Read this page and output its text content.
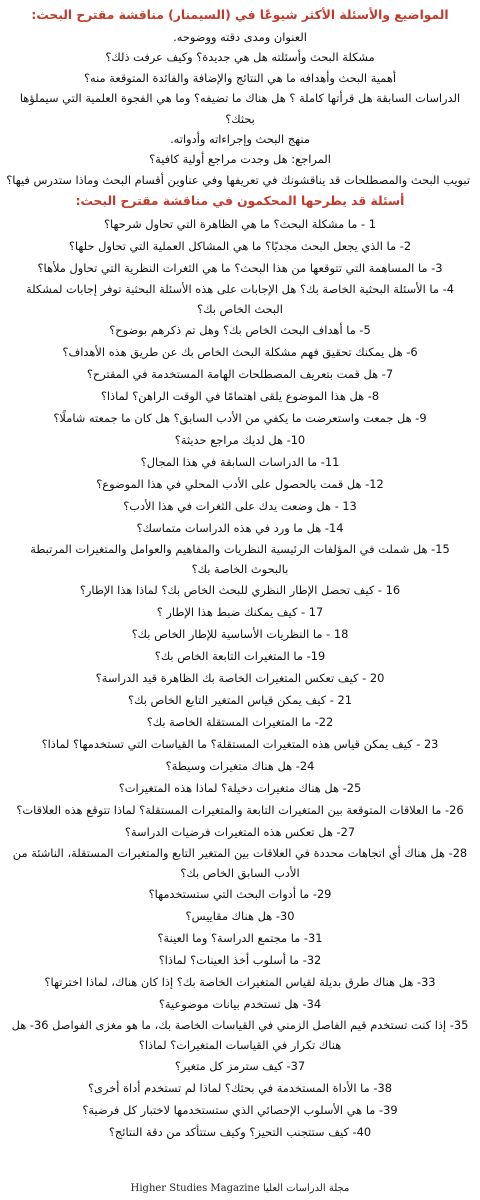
المواضيع والأسئلة الأكثر شيوعًا في (السيمنار) مناقشة مقترح البحث:

العنوان ومدى دقته ووضوحه.

مشكلة البحث وأسئلته هل هي جديدة؟ وكيف عرفت ذلك؟

أهمية البحث وأهدافه ما هي النتائج والإضافة والفائدة المتوقعة منه؟

الدراسات السابقة هل قرأتها كاملة ؟ هل هناك ما تضيفه؟ وما هي الفجوة العلمية التي سيملؤها بحثك؟

منهج البحث وإجراءاته وأدواته.

المراجع: هل وجدت مراجع أولية كافية؟

تبويب البحث والمصطلحات قد يناقشونك في تعريفها وفي عناوين أقسام البحث وماذا ستدرس فيها؟

أسئلة قد يطرحها المحكمون في مناقشة مقترح البحث:

1 - ما مشكلة البحث؟ ما هي الظاهرة التي تحاول شرحها؟

2- ما الذي يجعل البحث مجديًا؟ ما هي المشاكل العملية التي تحاول حلها؟

3- ما المساهمة التي تتوقعها من هذا البحث؟ ما هي الثغرات النظرية التي تحاول ملأها؟

4- ما الأسئلة البحثية الخاصة بك؟ هل الإجابات على هذه الأسئلة البحثية توفر إجابات لمشكلة البحث الخاص بك؟

5- ما أهداف البحث الخاص بك؟ وهل تم ذكرهم بوضوح؟

6- هل يمكنك تحقيق فهم مشكلة البحث الخاص بك عن طريق هذه الأهداف؟

7- هل قمت بتعريف المصطلحات الهامة المستخدمة في المقترح؟

8- هل هذا الموضوع يلقى اهتمامًا في الوقت الراهن؟ لماذا؟

9- هل جمعت واستعرضت ما يكفي من الأدب السابق؟ هل كان ما جمعته شاملًا؟

10- هل لديك مراجع حديثة؟

11- ما الدراسات السابقة في هذا المجال؟

12- هل قمت بالحصول على الأدب المحلي في هذا الموضوع؟

13 - هل وضعت يدك على الثغرات في هذا الأدب؟

14- هل ما ورد في هذه الدراسات متماسك؟

15- هل شملت في المؤلفات الرئيسية النظريات والمفاهيم والعوامل والمتغيرات المرتبطة بالبحوث الخاصة بك؟

16 - كيف تحصل الإطار النظري للبحث الخاص بك؟ لماذا هذا الإطار؟

17 - كيف يمكنك ضبط هذا الإطار ؟

18 - ما النظريات الأساسية للإطار الخاص بك؟

19- ما المتغيرات التابعة الخاص بك؟

20 - كيف تعكس المتغيرات الخاصة بك الظاهرة قيد الدراسة؟

21 - كيف يمكن قياس المتغير التابع الخاص بك؟

22- ما المتغيرات المستقلة الخاصة بك؟

23 - كيف يمكن قياس هذه المتغيرات المستقلة؟ ما القياسات التي تستخدمها؟ لماذا؟

24- هل هناك متغيرات وسيطة؟

25- هل هناك متغيرات دخيلة؟ لماذا هذه المتغيرات؟

26- ما العلاقات المتوقعة بين المتغيرات التابعة والمتغيرات المستقلة؟ لماذا تتوقع هذه العلاقات؟

27- هل تعكس هذه المتغيرات فرضيات الدراسة؟

28- هل هناك أي اتجاهات محددة في العلاقات بين المتغير التابع والمتغيرات المستقلة، الناشئة من الأدب السابق الخاص بك؟

29- ما أدوات البحث التي ستستخدمها؟

30- هل هناك مقاييس؟

31- ما مجتمع الدراسة؟ وما العينة؟

32- ما أسلوب أخذ العينات؟ لماذا؟

33- هل هناك طرق بديلة لقياس المتغيرات الخاصة بك؟ إذا كان هناك، لماذا اخترتها؟

34- هل تستخدم بيانات موضوعية؟

35- إذا كنت تستخدم قيم الفاصل الزمني في القياسات الخاصة بك، ما هو مغزى الفواصل 36- هل هناك تكرار في القياسات المتغيرات؟ لماذا؟

37- كيف سترمز كل متغير؟

38- ما الأداة المستخدمة في بحثك؟ لماذا لم تستخدم أداة أخرى؟

39- ما هي الأسلوب الإحصائي الذي ستستخدمها لاختبار كل فرضية؟

40- كيف ستتجنب التحيز؟ وكيف ستتأكد من دقة النتائج؟

مجلة الدراسات العليا Higher Studies Magazine
